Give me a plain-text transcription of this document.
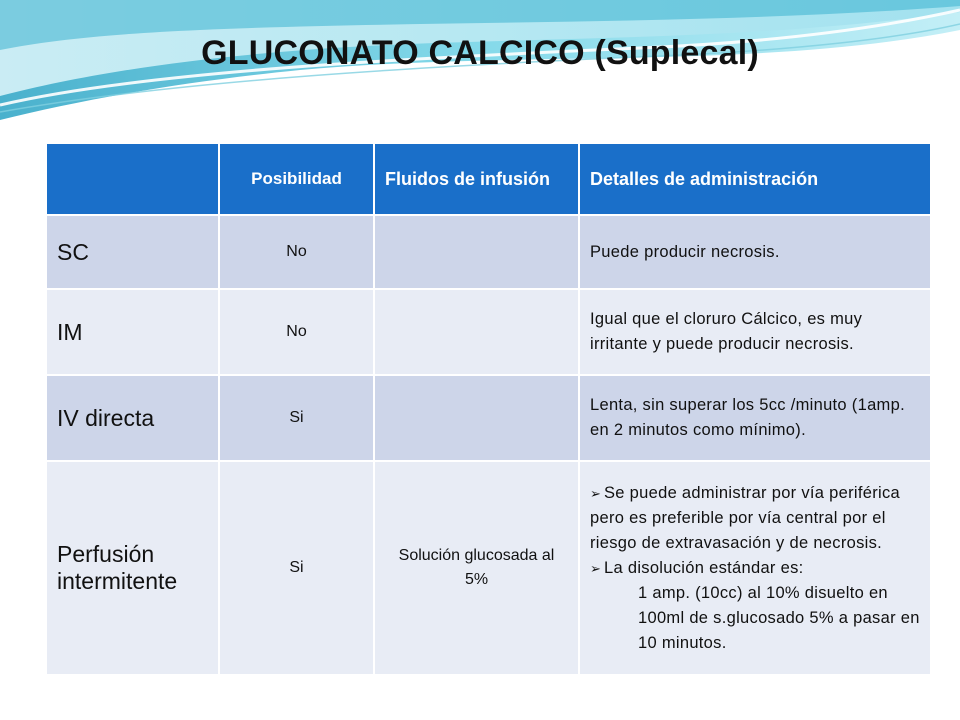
GLUCONATO CALCICO (Suplecal)
	Posibilidad	Fluidos de infusión	Detalles de administración
SC	No		Puede producir necrosis.
IM	No		Igual que el cloruro Cálcico, es muy irritante y puede producir necrosis.
IV directa	Si		Lenta, sin superar los 5cc /minuto (1amp. en 2 minutos como mínimo).
Perfusión intermitente	Si	Solución glucosada al 5%	➢ Se puede administrar por vía periférica pero es preferible por vía central por el riesgo de extravasación y de necrosis.
➢ La disolución estándar es:
1 amp. (10cc) al 10% disuelto en 100ml de s.glucosado 5% a pasar en 10 minutos.
